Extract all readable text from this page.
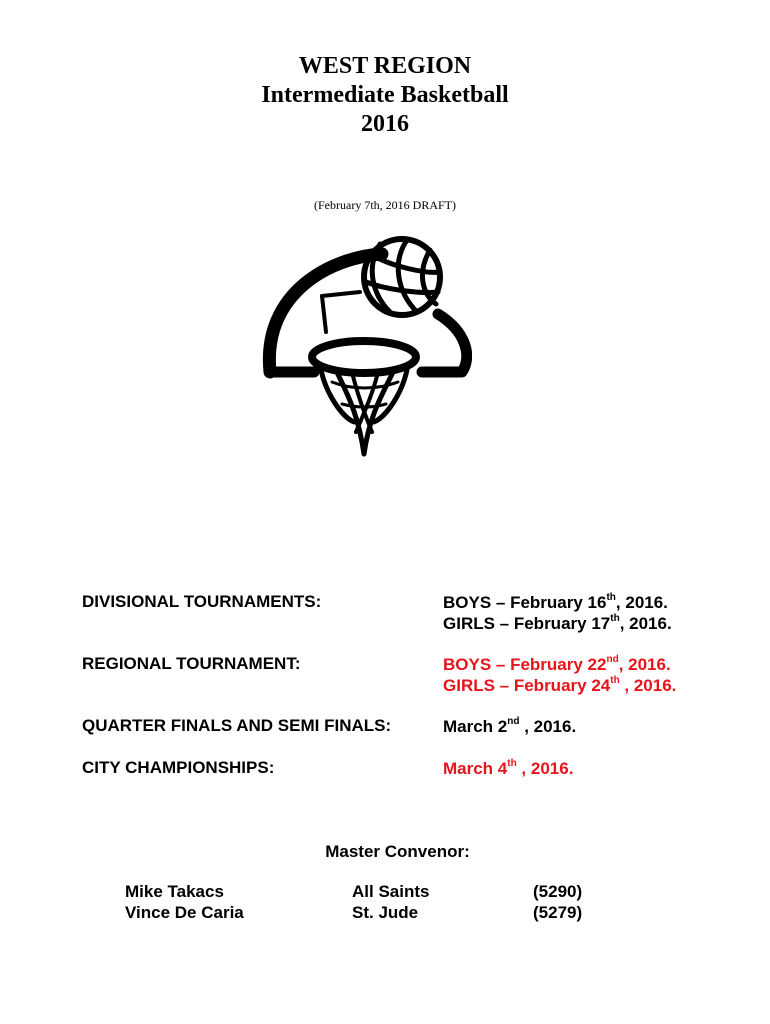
WEST REGION
Intermediate Basketball
2016
(February 7th, 2016 DRAFT)
DIVISIONAL TOURNAMENTS:	BOYS – February 16th, 2016.
GIRLS – February 17th, 2016.
REGIONAL TOURNAMENT:	BOYS – February 22nd, 2016.
GIRLS – February 24th , 2016.
QUARTER FINALS AND SEMI FINALS:	March 2nd , 2016.
CITY CHAMPIONSHIPS:	March 4th , 2016.
Master Convenor:
Mike Takacs	All Saints	(5290)
Vince De Caria	St. Jude	(5279)
